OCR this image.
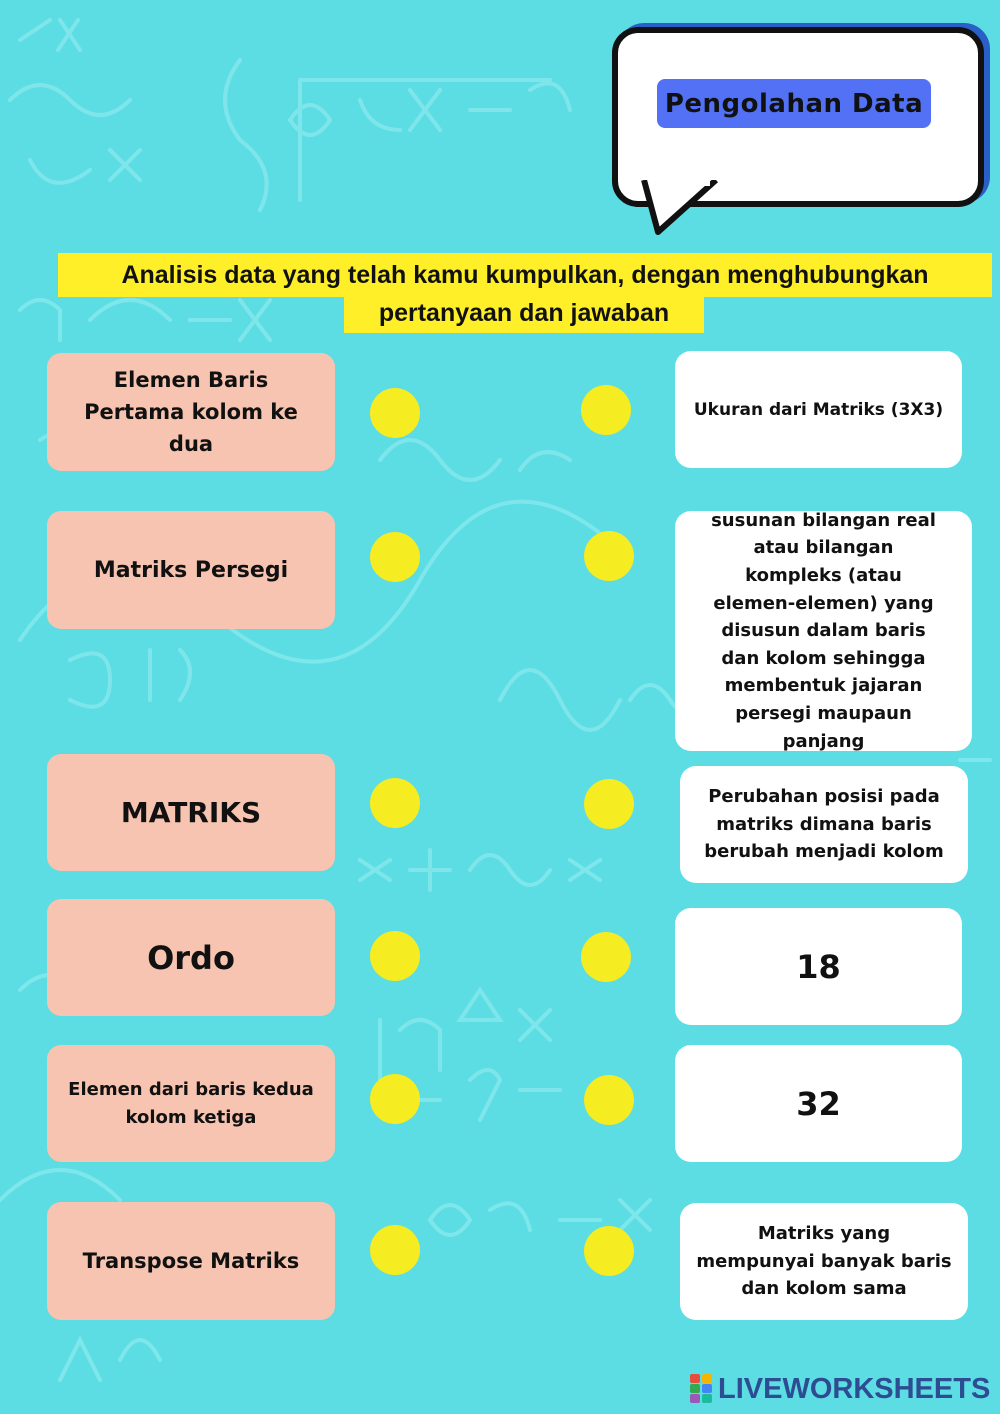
Pengolahan Data
Analisis data yang telah kamu kumpulkan, dengan menghubungkan
pertanyaan dan jawaban
Elemen Baris Pertama kolom ke dua
Matriks Persegi
MATRIKS
Ordo
Elemen dari baris kedua kolom ketiga
Transpose Matriks
Ukuran dari Matriks (3X3)
susunan bilangan real atau bilangan kompleks (atau elemen-elemen) yang disusun dalam baris dan kolom sehingga membentuk jajaran persegi maupaun panjang
Perubahan posisi pada matriks dimana baris berubah menjadi kolom
18
32
Matriks yang mempunyai banyak baris dan kolom sama
LIVEWORKSHEETS
